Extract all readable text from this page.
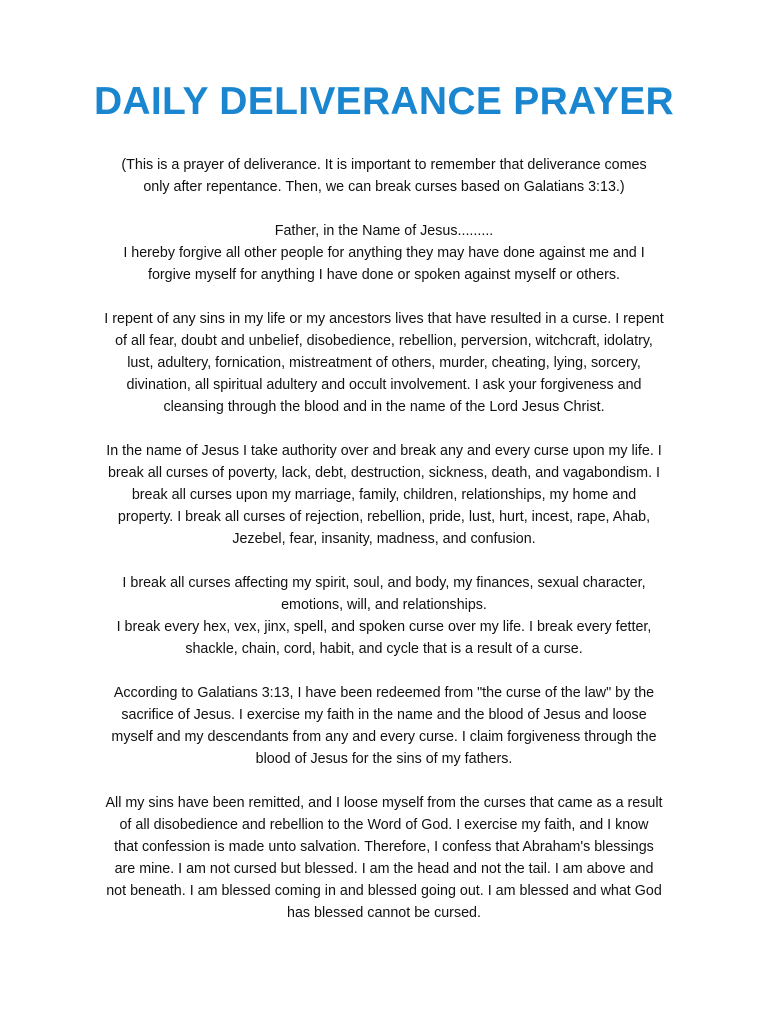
DAILY DELIVERANCE PRAYER

(This is a prayer of deliverance. It is important to remember that deliverance comes
only after repentance. Then, we can break curses based on Galatians 3:13.)

Father, in the Name of Jesus.........
I hereby forgive all other people for anything they may have done against me and I
forgive myself for anything I have done or spoken against myself or others.

I repent of any sins in my life or my ancestors lives that have resulted in a curse. I repent
of all fear, doubt and unbelief, disobedience, rebellion, perversion, witchcraft, idolatry,
lust, adultery, fornication, mistreatment of others, murder, cheating, lying, sorcery,
divination, all spiritual adultery and occult involvement. I ask your forgiveness and
cleansing through the blood and in the name of the Lord Jesus Christ.

In the name of Jesus I take authority over and break any and every curse upon my life. I
break all curses of poverty, lack, debt, destruction, sickness, death, and vagabondism. I
break all curses upon my marriage, family, children, relationships, my home and
property. I break all curses of rejection, rebellion, pride, lust, hurt, incest, rape, Ahab,
Jezebel, fear, insanity, madness, and confusion.

I break all curses affecting my spirit, soul, and body, my finances, sexual character,
emotions, will, and relationships.
I break every hex, vex, jinx, spell, and spoken curse over my life. I break every fetter,
shackle, chain, cord, habit, and cycle that is a result of a curse.

According to Galatians 3:13, I have been redeemed from "the curse of the law" by the
sacrifice of Jesus. I exercise my faith in the name and the blood of Jesus and loose
myself and my descendants from any and every curse. I claim forgiveness through the
blood of Jesus for the sins of my fathers.

All my sins have been remitted, and I loose myself from the curses that came as a result
of all disobedience and rebellion to the Word of God. I exercise my faith, and I know
that confession is made unto salvation. Therefore, I confess that Abraham's blessings
are mine. I am not cursed but blessed. I am the head and not the tail. I am above and
not beneath. I am blessed coming in and blessed going out. I am blessed and what God
has blessed cannot be cursed.
